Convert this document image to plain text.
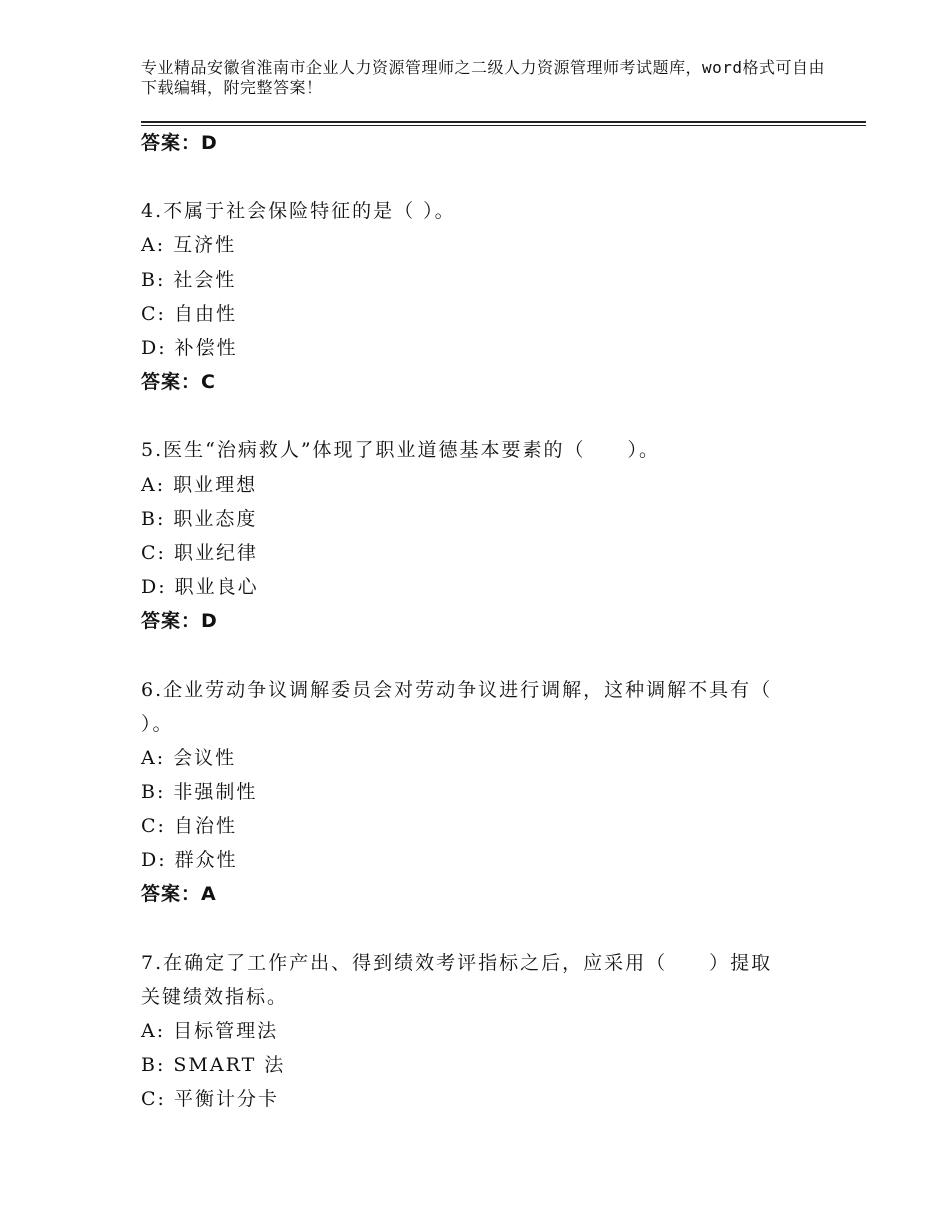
专业精品安徽省淮南市企业人力资源管理师之二级人力资源管理师考试题库，word格式可自由下载编辑，附完整答案！
答案：D
4.不属于社会保险特征的是（ ）。
A: 互济性
B: 社会性
C: 自由性
D: 补偿性
答案：C
5.医生“治病救人”体现了职业道德基本要素的（　　）。
A: 职业理想
B: 职业态度
C: 职业纪律
D: 职业良心
答案：D
6.企业劳动争议调解委员会对劳动争议进行调解，这种调解不具有（
）。
A: 会议性
B: 非强制性
C: 自治性
D: 群众性
答案：A
7.在确定了工作产出、得到绩效考评指标之后，应采用（　　）提取
关键绩效指标。
A: 目标管理法
B: SMART 法
C: 平衡计分卡
